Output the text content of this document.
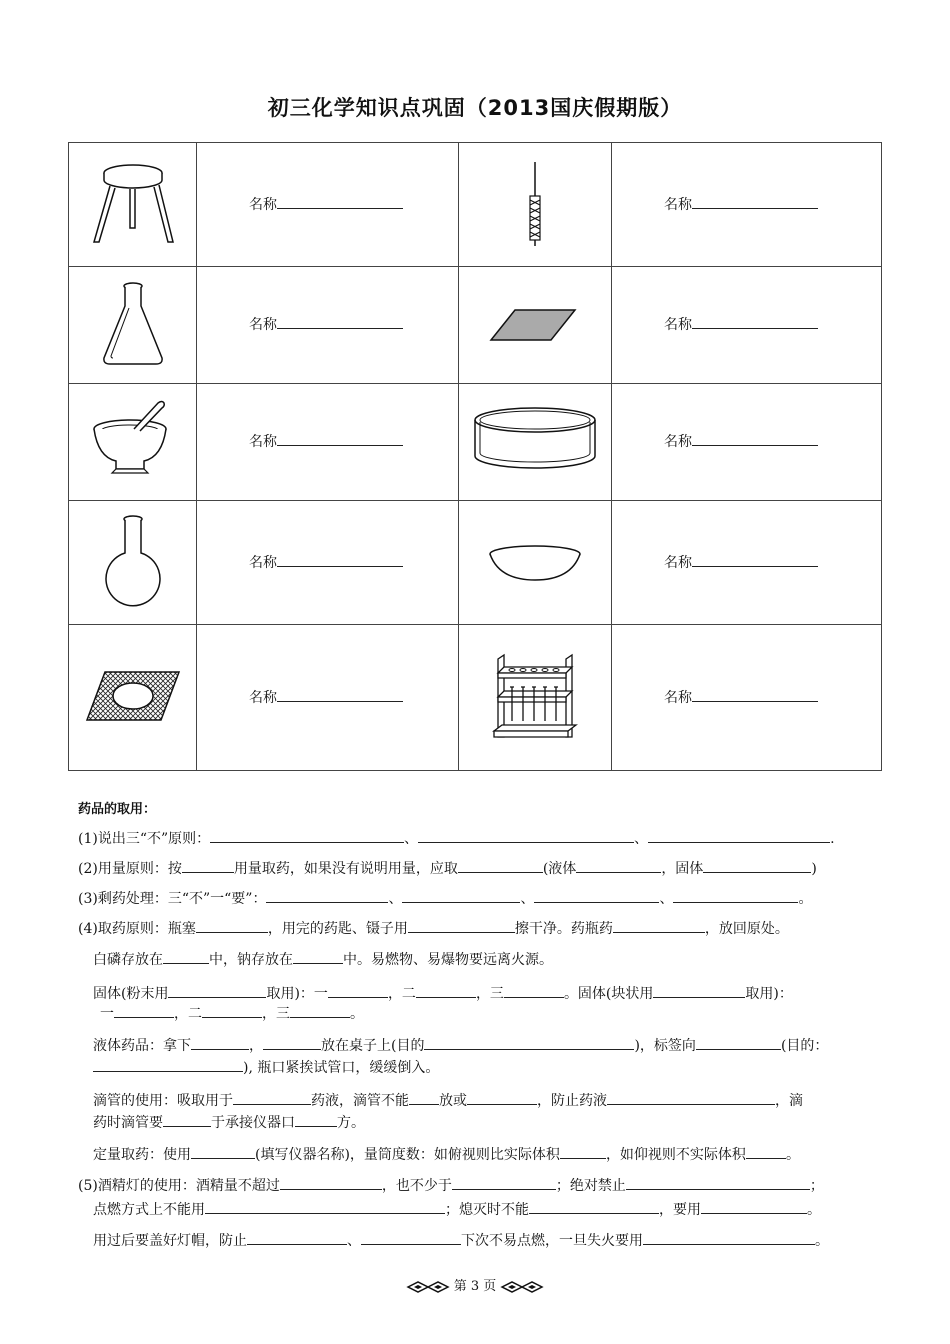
初三化学知识点巩固（2013国庆假期版）

名称		名称

名称		名称

名称		名称

名称		名称

名称		名称
药品的取用：
(1)说出三“不”原则：	、	、	.
(2)用量原则：按	用量取药，如果没有说明用量，应取	(液体	，固体	)
(3)剩药处理：三“不”一“要”：	、	、	、	。
(4)取药原则：瓶塞	，用完的药匙、镊子用	擦干净。药瓶药	，放回原处。
白磷存放在	中，钠存放在	中。易燃物、易爆物要远离火源。
固体(粉末用	取用)：一	，二	，三	。固体(块状用	取用)：
一	，二	，三	。
液体药品：拿下	，	放在桌子上(目的	)，标签向	(目的：
), 瓶口紧挨试管口，缓缓倒入。
滴管的使用：吸取用于	药液，滴管不能 放或	，防止药液	，滴
药时滴管要	于承接仪器口	方。
定量取药：使用	(填写仪器名称)，量筒度数：如俯视则比实际体积	，如仰视则不实际体积	。
(5)酒精灯的使用：酒精量不超过	，也不少于	；绝对禁止	；
点燃方式上不能用	；熄灭时不能	，要用	。
用过后要盖好灯帽，防止	、	下次不易点燃，一旦失火要用	。
第 3 页
